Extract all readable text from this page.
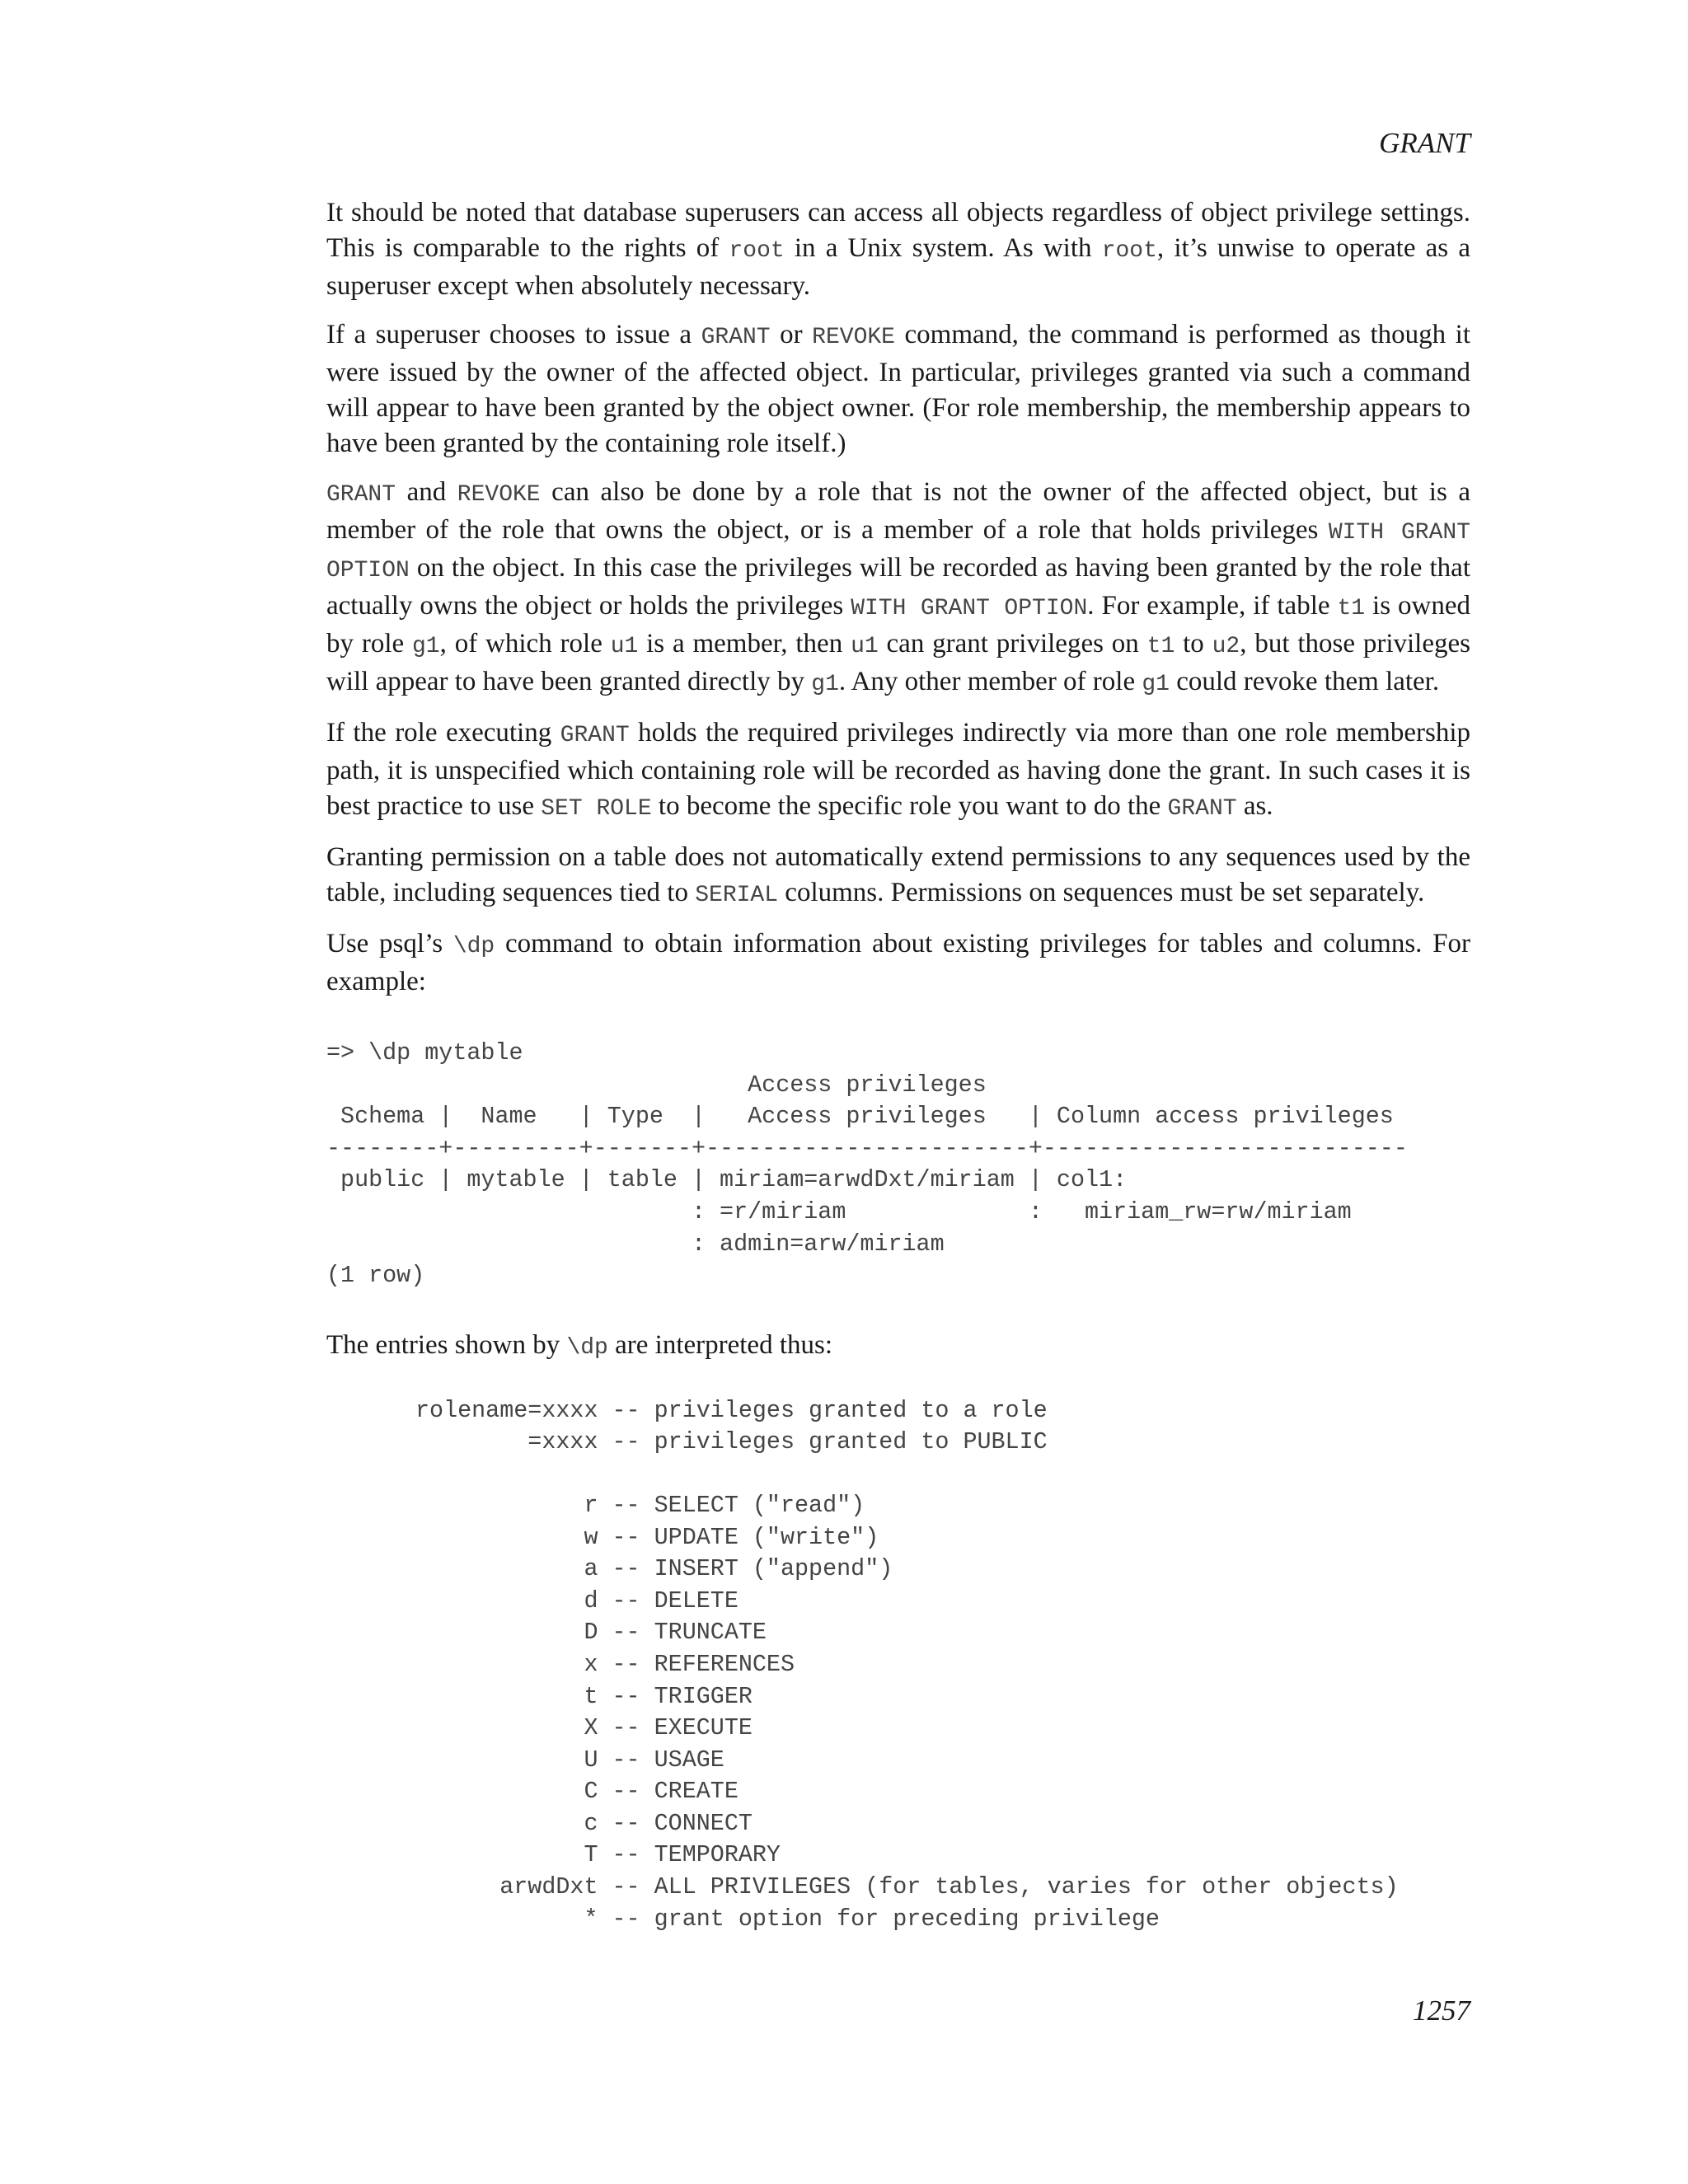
GRANT

It should be noted that database superusers can access all objects regardless of object privilege settings. This is comparable to the rights of root in a Unix system. As with root, it’s unwise to operate as a superuser except when absolutely necessary.

If a superuser chooses to issue a GRANT or REVOKE command, the command is performed as though it were issued by the owner of the affected object. In particular, privileges granted via such a command will appear to have been granted by the object owner. (For role membership, the membership appears to have been granted by the containing role itself.)

GRANT and REVOKE can also be done by a role that is not the owner of the affected object, but is a member of the role that owns the object, or is a member of a role that holds privileges WITH GRANT OPTION on the object. In this case the privileges will be recorded as having been granted by the role that actually owns the object or holds the privileges WITH GRANT OPTION. For example, if table t1 is owned by role g1, of which role u1 is a member, then u1 can grant privileges on t1 to u2, but those privileges will appear to have been granted directly by g1. Any other member of role g1 could revoke them later.

If the role executing GRANT holds the required privileges indirectly via more than one role membership path, it is unspecified which containing role will be recorded as having done the grant. In such cases it is best practice to use SET ROLE to become the specific role you want to do the GRANT as.

Granting permission on a table does not automatically extend permissions to any sequences used by the table, including sequences tied to SERIAL columns. Permissions on sequences must be set separately.

Use psql’s \dp command to obtain information about existing privileges for tables and columns. For example:

=> \dp mytable
Access privileges
Schema |  Name   | Type  |   Access privileges   | Column access privileges
--------+---------+-------+-----------------------+--------------------------
public | mytable | table | miriam=arwdDxt/miriam | col1:
: =r/miriam             :   miriam_rw=rw/miriam
: admin=arw/miriam
(1 row)

The entries shown by \dp are interpreted thus:

rolename=xxxx -- privileges granted to a role
=xxxx -- privileges granted to PUBLIC
r -- SELECT ("read")
w -- UPDATE ("write")
a -- INSERT ("append")
d -- DELETE
D -- TRUNCATE
x -- REFERENCES
t -- TRIGGER
X -- EXECUTE
U -- USAGE
C -- CREATE
c -- CONNECT
T -- TEMPORARY
arwdDxt -- ALL PRIVILEGES (for tables, varies for other objects)
* -- grant option for preceding privilege
1257
